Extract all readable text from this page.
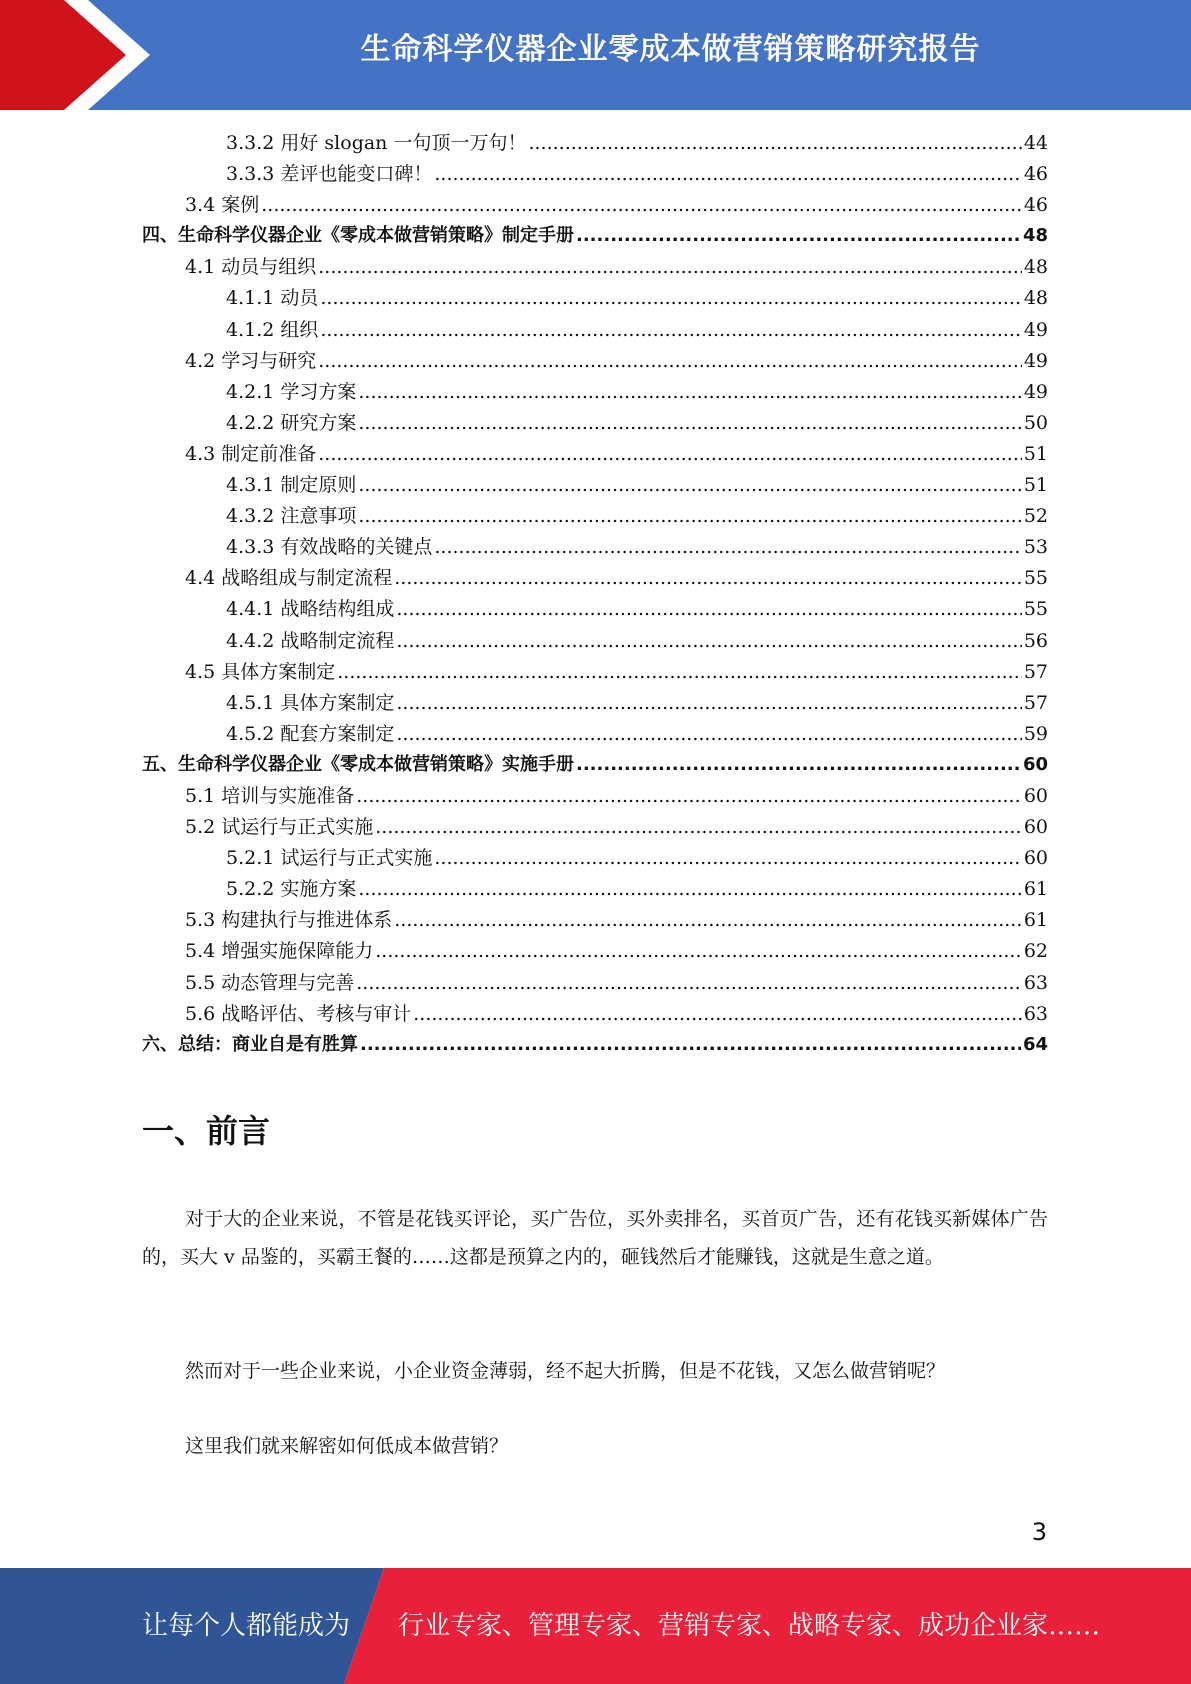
生命科学仪器企业零成本做营销策略研究报告
3.3.2 用好 slogan 一句顶一万句！ .....	44
3.3.3 差评也能变口碑！ .....	46
3.4 案例 .....	46
四、生命科学仪器企业《零成本做营销策略》制定手册 .....	48
4.1 动员与组织 .....	48
4.1.1 动员 .....	48
4.1.2 组织 .....	49
4.2 学习与研究 .....	49
4.2.1 学习方案 .....	49
4.2.2 研究方案 .....	50
4.3 制定前准备 .....	51
4.3.1 制定原则 .....	51
4.3.2 注意事项 .....	52
4.3.3 有效战略的关键点 .....	53
4.4 战略组成与制定流程 .....	55
4.4.1 战略结构组成 .....	55
4.4.2 战略制定流程 .....	56
4.5 具体方案制定 .....	57
4.5.1 具体方案制定 .....	57
4.5.2 配套方案制定 .....	59
五、生命科学仪器企业《零成本做营销策略》实施手册 .....	60
5.1 培训与实施准备 .....	60
5.2 试运行与正式实施 .....	60
5.2.1 试运行与正式实施 .....	60
5.2.2 实施方案 .....	61
5.3 构建执行与推进体系 .....	61
5.4 增强实施保障能力 .....	62
5.5 动态管理与完善 .....	63
5.6 战略评估、考核与审计 .....	63
六、总结：商业自是有胜算 .....	64
一、前言

对于大的企业来说，不管是花钱买评论，买广告位，买外卖排名，买首页广告，还有花钱买新媒体广告的，买大 v 品鉴的，买霸王餐的……这都是预算之内的，砸钱然后才能赚钱，这就是生意之道。

然而对于一些企业来说，小企业资金薄弱，经不起大折腾，但是不花钱，又怎么做营销呢？

这里我们就来解密如何低成本做营销？

3
让每个人都能成为 行业专家、管理专家、营销专家、战略专家、成功企业家……
